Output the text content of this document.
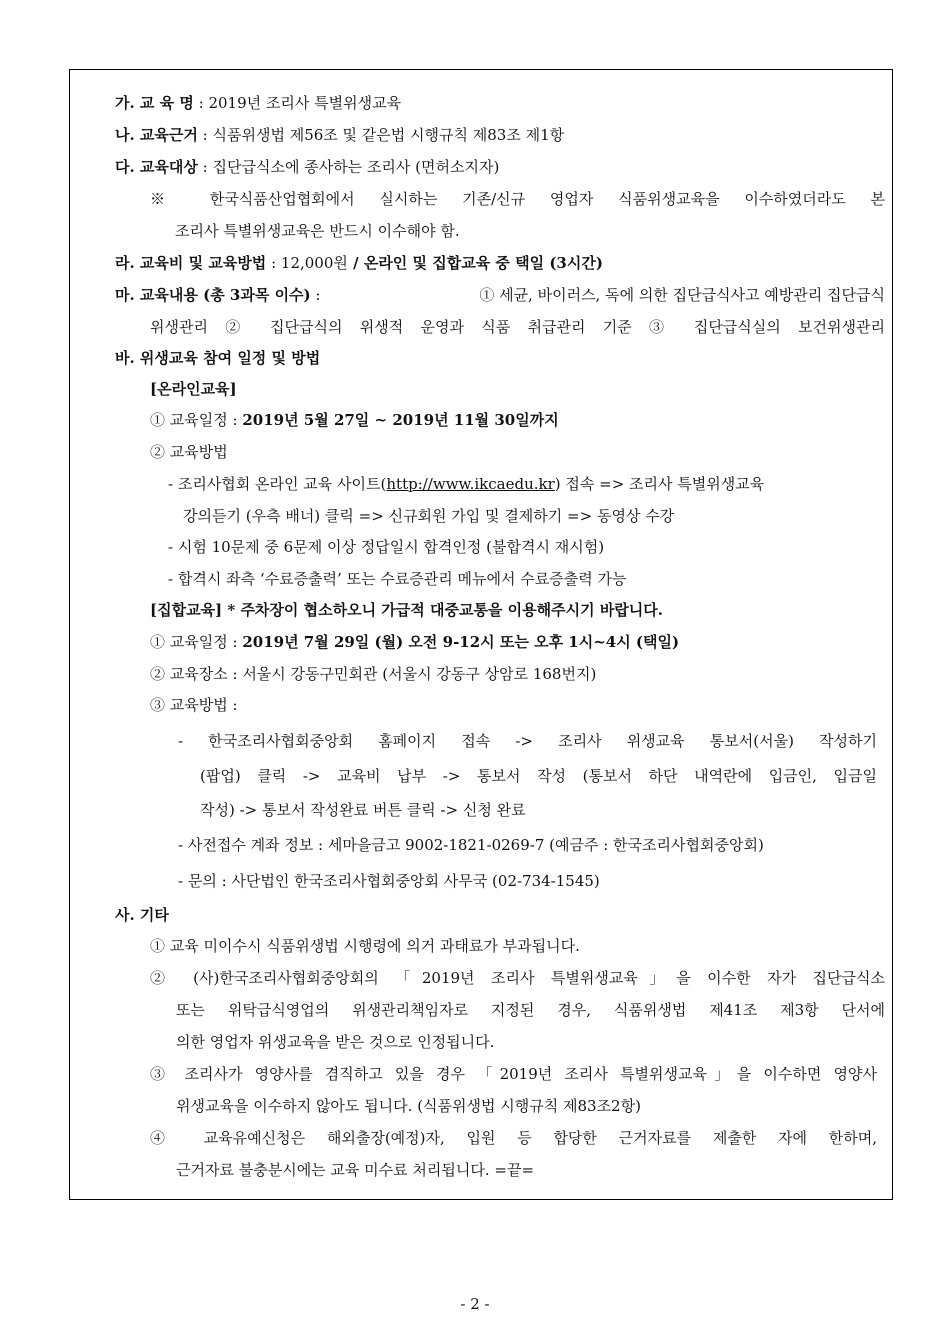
가. 교 육 명 : 2019년 조리사 특별위생교육
나. 교육근거 : 식품위생법 제56조 및 같은법 시행규칙 제83조 제1항
다. 교육대상 : 집단급식소에 종사하는 조리사 (면허소지자)
※ 한국식품산업협회에서 실시하는 기존/신규 영업자 식품위생교육을 이수하였더라도 본
조리사 특별위생교육은 반드시 이수해야 함.
라. 교육비 및 교육방법 : 12,000원 / 온라인 및 집합교육 중 택일 (3시간)
마. 교육내용 (총 3과목 이수) :	① 세균, 바이러스, 독에 의한 집단급식사고 예방관리 집단급식
위생관리 ② 집단급식의 위생적 운영과 식품 취급관리 기준 ③ 집단급식실의 보건위생관리
바. 위생교육 참여 일정 및 방법
[온라인교육]
① 교육일정 : 2019년 5월 27일 ~ 2019년 11월 30일까지
② 교육방법
- 조리사협회 온라인 교육 사이트(http://www.ikcaedu.kr) 접속 => 조리사 특별위생교육
강의듣기 (우측 배너) 클릭 => 신규회원 가입 및 결제하기 => 동영상 수강
- 시험 10문제 중 6문제 이상 정답일시 합격인정 (불합격시 재시험)
- 합격시 좌측 ‘수료증출력’ 또는 수료증관리 메뉴에서 수료증출력 가능
[집합교육] * 주차장이 협소하오니 가급적 대중교통을 이용해주시기 바랍니다.
① 교육일정 : 2019년 7월 29일 (월) 오전 9-12시 또는 오후 1시~4시 (택일)
② 교육장소 : 서울시 강동구민회관 (서울시 강동구 상암로 168번지)
③ 교육방법 :
- 한국조리사협회중앙회 홈페이지 접속 -> 조리사 위생교육 통보서(서울) 작성하기
(팝업) 클릭 -> 교육비 납부 -> 통보서 작성 (통보서 하단 내역란에 입금인, 입금일
작성) -> 통보서 작성완료 버튼 클릭 -> 신청 완료
- 사전접수 계좌 정보 : 세마을금고 9002-1821-0269-7 (예금주 : 한국조리사협회중앙회)
- 문의 : 사단법인 한국조리사협회중앙회 사무국 (02-734-1545)
사. 기타
① 교육 미이수시 식품위생법 시행령에 의거 과태료가 부과됩니다.
② (사)한국조리사협회중앙회의 「2019년 조리사 특별위생교육」을 이수한 자가 집단급식소
또는 위탁급식영업의 위생관리책임자로 지정된 경우, 식품위생법 제41조 제3항 단서에
의한 영업자 위생교육을 받은 것으로 인정됩니다.
③ 조리사가 영양사를 겸직하고 있을 경우 「2019년 조리사 특별위생교육」을 이수하면 영양사
위생교육을 이수하지 않아도 됩니다. (식품위생법 시행규칙 제83조2항)
④ 교육유예신청은 해외출장(예정)자, 입원 등 합당한 근거자료를 제출한 자에 한하며,
근거자료 불충분시에는 교육 미수료 처리됩니다. =끝=
- 2 -
